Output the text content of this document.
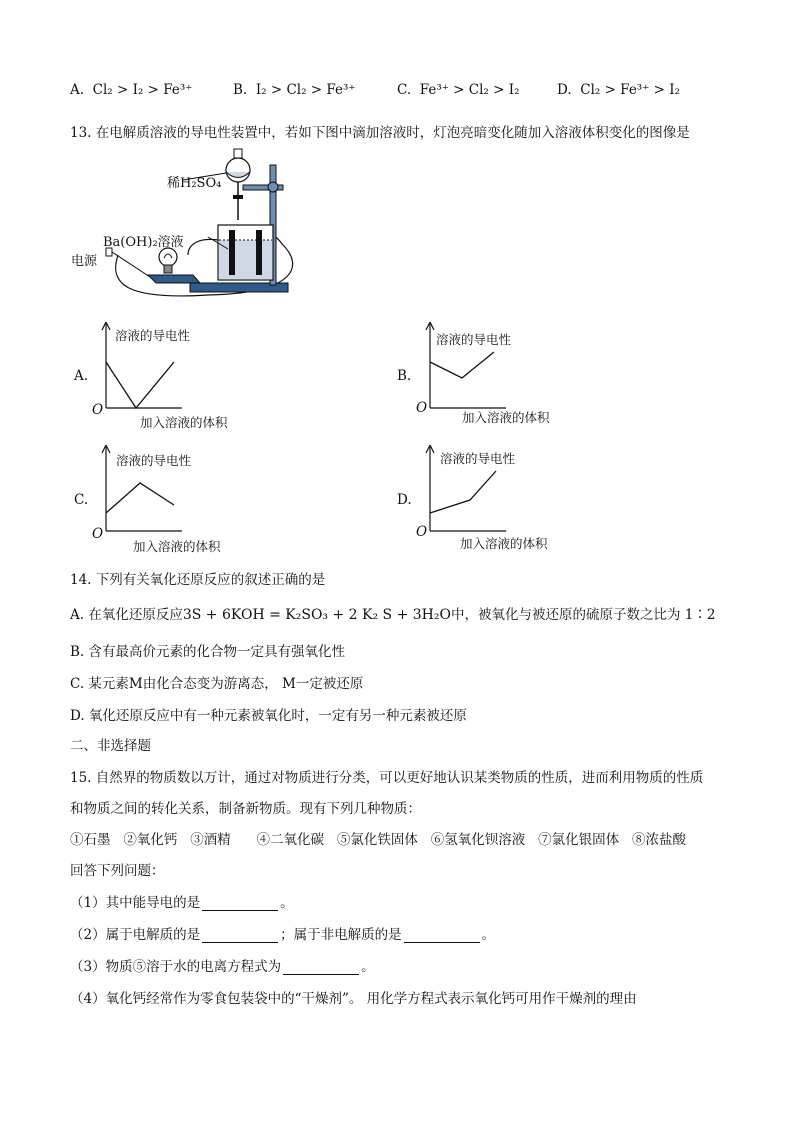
A. Cl₂ > I₂ > Fe³⁺	B. I₂ > Cl₂ > Fe³⁺	C. Fe³⁺ > Cl₂ > I₂	D. Cl₂ > Fe³⁺ > I₂
13. 在电解质溶液的导电性装置中，若如下图中滴加溶液时，灯泡亮暗变化随加入溶液体积变化的图像是
稀H₂SO₄
Ba(OH)₂溶液
电源
A.
溶液的导电性
加入溶液的体积
O
B.
溶液的导电性
加入溶液的体积
O
C.
溶液的导电性
加入溶液的体积
O
D.
溶液的导电性
加入溶液的体积
O
14. 下列有关氧化还原反应的叙述正确的是
A. 在氧化还原反应3S + 6KOH = K₂SO₃ + 2 K₂ S + 3H₂O中，被氧化与被还原的硫原子数之比为 1∶2
B. 含有最高价元素的化合物一定具有强氧化性
C. 某元素M由化合态变为游离态， M一定被还原
D. 氧化还原反应中有一种元素被氧化时，一定有另一种元素被还原
二、非选择题
15. 自然界的物质数以万计，通过对物质进行分类，可以更好地认识某类物质的性质，进而利用物质的性质
和物质之间的转化关系，制备新物质。现有下列几种物质：
①石墨   ②氧化钙   ③酒精      ④二氧化碳   ⑤氯化铁固体   ⑥氢氧化钡溶液   ⑦氯化银固体   ⑧浓盐酸
回答下列问题：
（1）其中能导电的是	。
（2）属于电解质的是	；属于非电解质的是	。
（3）物质⑤溶于水的电离方程式为	。
（4）氧化钙经常作为零食包装袋中的“干燥剂”。 用化学方程式表示氧化钙可用作干燥剂的理由
